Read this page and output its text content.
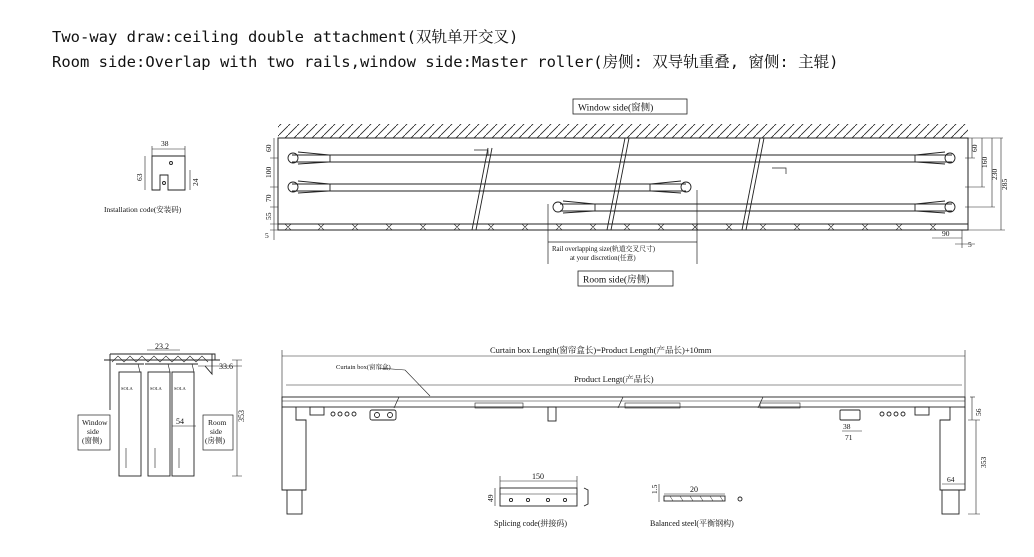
Two-way draw:ceiling double attachment(双轨单开交叉)
Room side:Overlap with two rails,window side:Master roller(房侧: 双导轨重叠, 窗侧: 主辊)
Window side(窗侧)
Room side(房侧)
Rail overlapping size(轨道交叉尺寸)
at your discretion(任意)
60
100
70
55
5
60
160
230
285
90
5
38
63
24
Installation code(安装码)
23.2
33.6
54	353
SOLA	SOLA	SOLA
Window
side
(窗侧)
Room
side
(房侧)
Curtain box Length(窗帘盒长)=Product Length(产品长)+10mm
Curtain box(窗帘盒)
Product Lengt(产品长)
56
353
64
38
71
150
49
Splicing code(拼接码)
20
1.5
Balanced steel(平衡钢构)
